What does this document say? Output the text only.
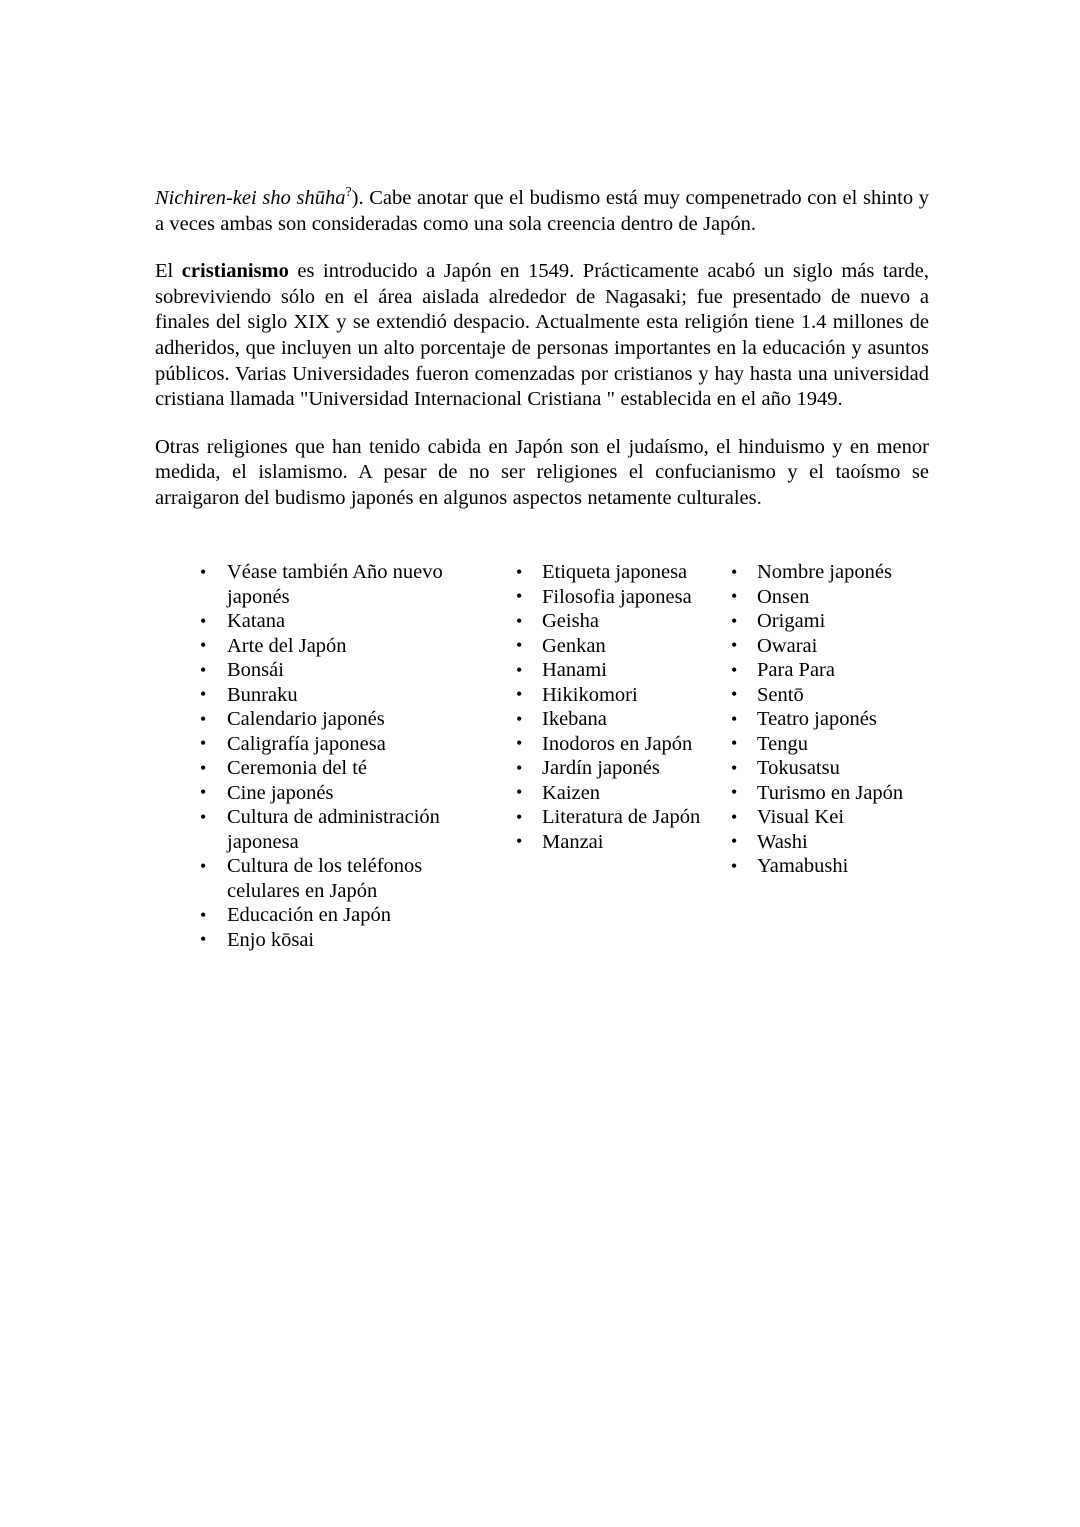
Nichiren-kei sho shūha?). Cabe anotar que el budismo está muy compenetrado con el shinto y a veces ambas son consideradas como una sola creencia dentro de Japón.

El cristianismo es introducido a Japón en 1549. Prácticamente acabó un siglo más tarde, sobreviviendo sólo en el área aislada alrededor de Nagasaki; fue presentado de nuevo a finales del siglo XIX y se extendió despacio. Actualmente esta religión tiene 1.4 millones de adheridos, que incluyen un alto porcentaje de personas importantes en la educación y asuntos públicos. Varias Universidades fueron comenzadas por cristianos y hay hasta una universidad cristiana llamada "Universidad Internacional Cristiana " establecida en el año 1949.

Otras religiones que han tenido cabida en Japón son el judaísmo, el hinduismo y en menor medida, el islamismo. A pesar de no ser religiones el confucianismo y el taoísmo se arraigaron del budismo japonés en algunos aspectos netamente culturales.

• Véase también Año nuevo japonés
• Katana
• Arte del Japón
• Bonsái
• Bunraku
• Calendario japonés
• Caligrafía japonesa
• Ceremonia del té
• Cine japonés
• Cultura de administración japonesa
• Cultura de los teléfonos celulares en Japón
• Educación en Japón
• Enjo kōsai
• Etiqueta japonesa
• Filosofia japonesa
• Geisha
• Genkan
• Hanami
• Hikikomori
• Ikebana
• Inodoros en Japón
• Jardín japonés
• Kaizen
• Literatura de Japón
• Manzai
• Nombre japonés
• Onsen
• Origami
• Owarai
• Para Para
• Sentō
• Teatro japonés
• Tengu
• Tokusatsu
• Turismo en Japón
• Visual Kei
• Washi
• Yamabushi
